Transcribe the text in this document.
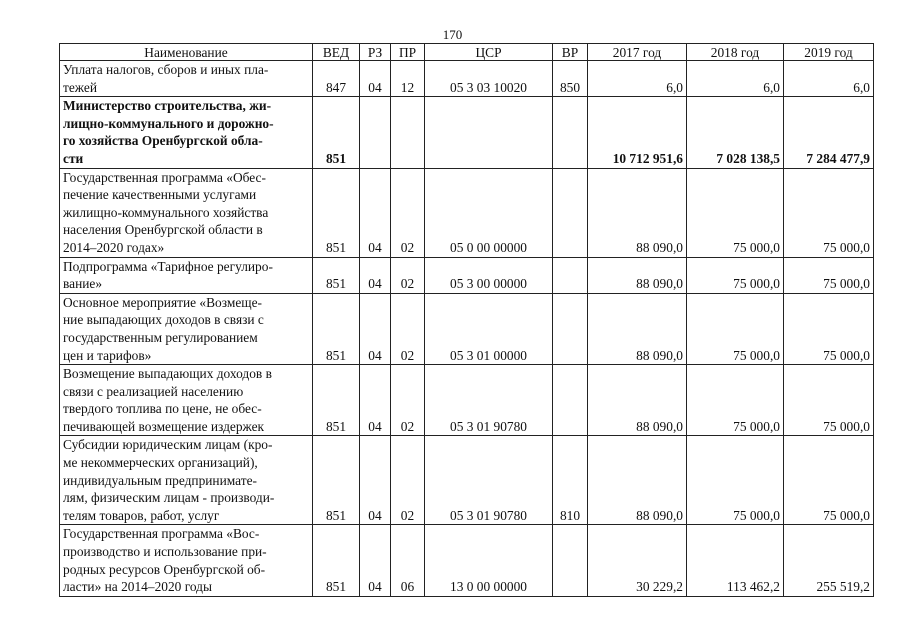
170
Наименование	ВЕД	РЗ	ПР	ЦСР	ВР	2017 год	2018 год	2019 год
Уплата налогов, сборов и иных пла-
тежей	847	04	12	05 3 03 10020	850	6,0	6,0	6,0
Министерство строительства, жи-
лищно-коммунального и дорожно-
го хозяйства Оренбургской обла-
сти	851					10 712 951,6	7 028 138,5	7 284 477,9
Государственная программа «Обес-
печение качественными услугами
жилищно-коммунального хозяйства
населения Оренбургской области в
2014–2020 годах»	851	04	02	05 0 00 00000		88 090,0	75 000,0	75 000,0
Подпрограмма «Тарифное регулиро-
вание»	851	04	02	05 3 00 00000		88 090,0	75 000,0	75 000,0
Основное мероприятие «Возмеще-
ние выпадающих доходов в связи с
государственным регулированием
цен и тарифов»	851	04	02	05 3 01 00000		88 090,0	75 000,0	75 000,0
Возмещение выпадающих доходов в
связи с реализацией населению
твердого топлива по цене, не обес-
печивающей возмещение издержек	851	04	02	05 3 01 90780		88 090,0	75 000,0	75 000,0
Субсидии юридическим лицам (кро-
ме некоммерческих организаций),
индивидуальным предпринимате-
лям, физическим лицам - производи-
телям товаров, работ, услуг	851	04	02	05 3 01 90780	810	88 090,0	75 000,0	75 000,0
Государственная программа «Вос-
производство и использование при-
родных ресурсов Оренбургской об-
ласти» на 2014–2020 годы	851	04	06	13 0 00 00000		30 229,2	113 462,2	255 519,2
